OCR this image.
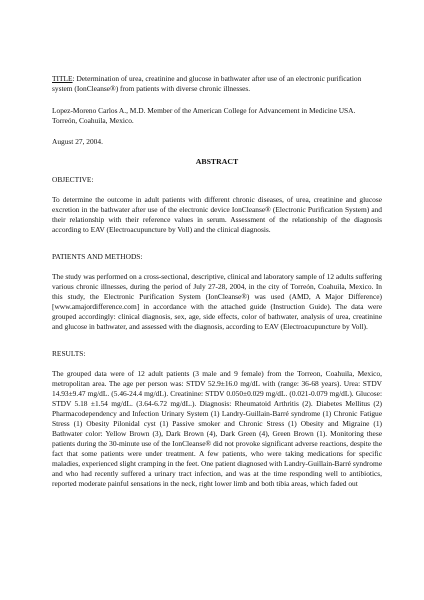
TITLE: Determination of urea, creatinine and glucose in bathwater after use of an electronic purification system (IonCleanse®) from patients with diverse chronic illnesses.

Lopez-Moreno Carlos A., M.D. Member of the American College for Advancement in Medicine USA. Torreón, Coahuila, Mexico.

August 27, 2004.

ABSTRACT

OBJECTIVE:

To determine the outcome in adult patients with different chronic diseases, of urea, creatinine and glucose excretion in the bathwater after use of the electronic device IonCleanse® (Electronic Purification System) and their relationship with their reference values in serum. Assessment of the relationship of the diagnosis according to EAV (Electroacupuncture by Voll) and the clinical diagnosis.

PATIENTS AND METHODS:

The study was performed on a cross-sectional, descriptive, clinical and laboratory sample of 12 adults suffering various chronic illnesses, during the period of July 27-28, 2004, in the city of Torreón, Coahuila, Mexico. In this study, the Electronic Purification System (IonCleanse®) was used (AMD, A Major Difference) [www.amajordifference.com] in accordance with the attached guide (Instruction Guide). The data were grouped accordingly: clinical diagnosis, sex, age, side effects, color of bathwater, analysis of urea, creatinine and glucose in bathwater, and assessed with the diagnosis, according to EAV (Electroacupuncture by Voll).

RESULTS:

The grouped data were of 12 adult patients (3 male and 9 female) from the Torreon, Coahuila, Mexico, metropolitan area. The age per person was: STDV 52.9±16.0 mg/dL with (range: 36-68 years). Urea: STDV 14.93±9.47 mg/dL. (5.46-24.4 mg/dL). Creatinine: STDV 0.050±0.029 mg/dL. (0.021-0.079 mg/dL). Glucose: STDV 5.18 ±1.54 mg/dL. (3.64-6.72 mg/dL.). Diagnosis: Rheumatoid Arthritis (2). Diabetes Mellitus (2) Pharmacodependency and Infection Urinary System (1) Landry-Guillain-Barré syndrome (1) Chronic Fatigue Stress (1) Obesity Pilonidal cyst (1) Passive smoker and Chronic Stress (1) Obesity and Migraine (1) Bathwater color: Yellow Brown (3), Dark Brown (4), Dark Green (4), Green Brown (1). Monitoring these patients during the 30-minute use of the IonCleanse® did not provoke significant adverse reactions, despite the fact that some patients were under treatment. A few patients, who were taking medications for specific maladies, experienced slight cramping in the feet. One patient diagnosed with Landry-Guillain-Barré syndrome and who had recently suffered a urinary tract infection, and was at the time responding well to antibiotics, reported moderate painful sensations in the neck, right lower limb and both tibia areas, which faded out
